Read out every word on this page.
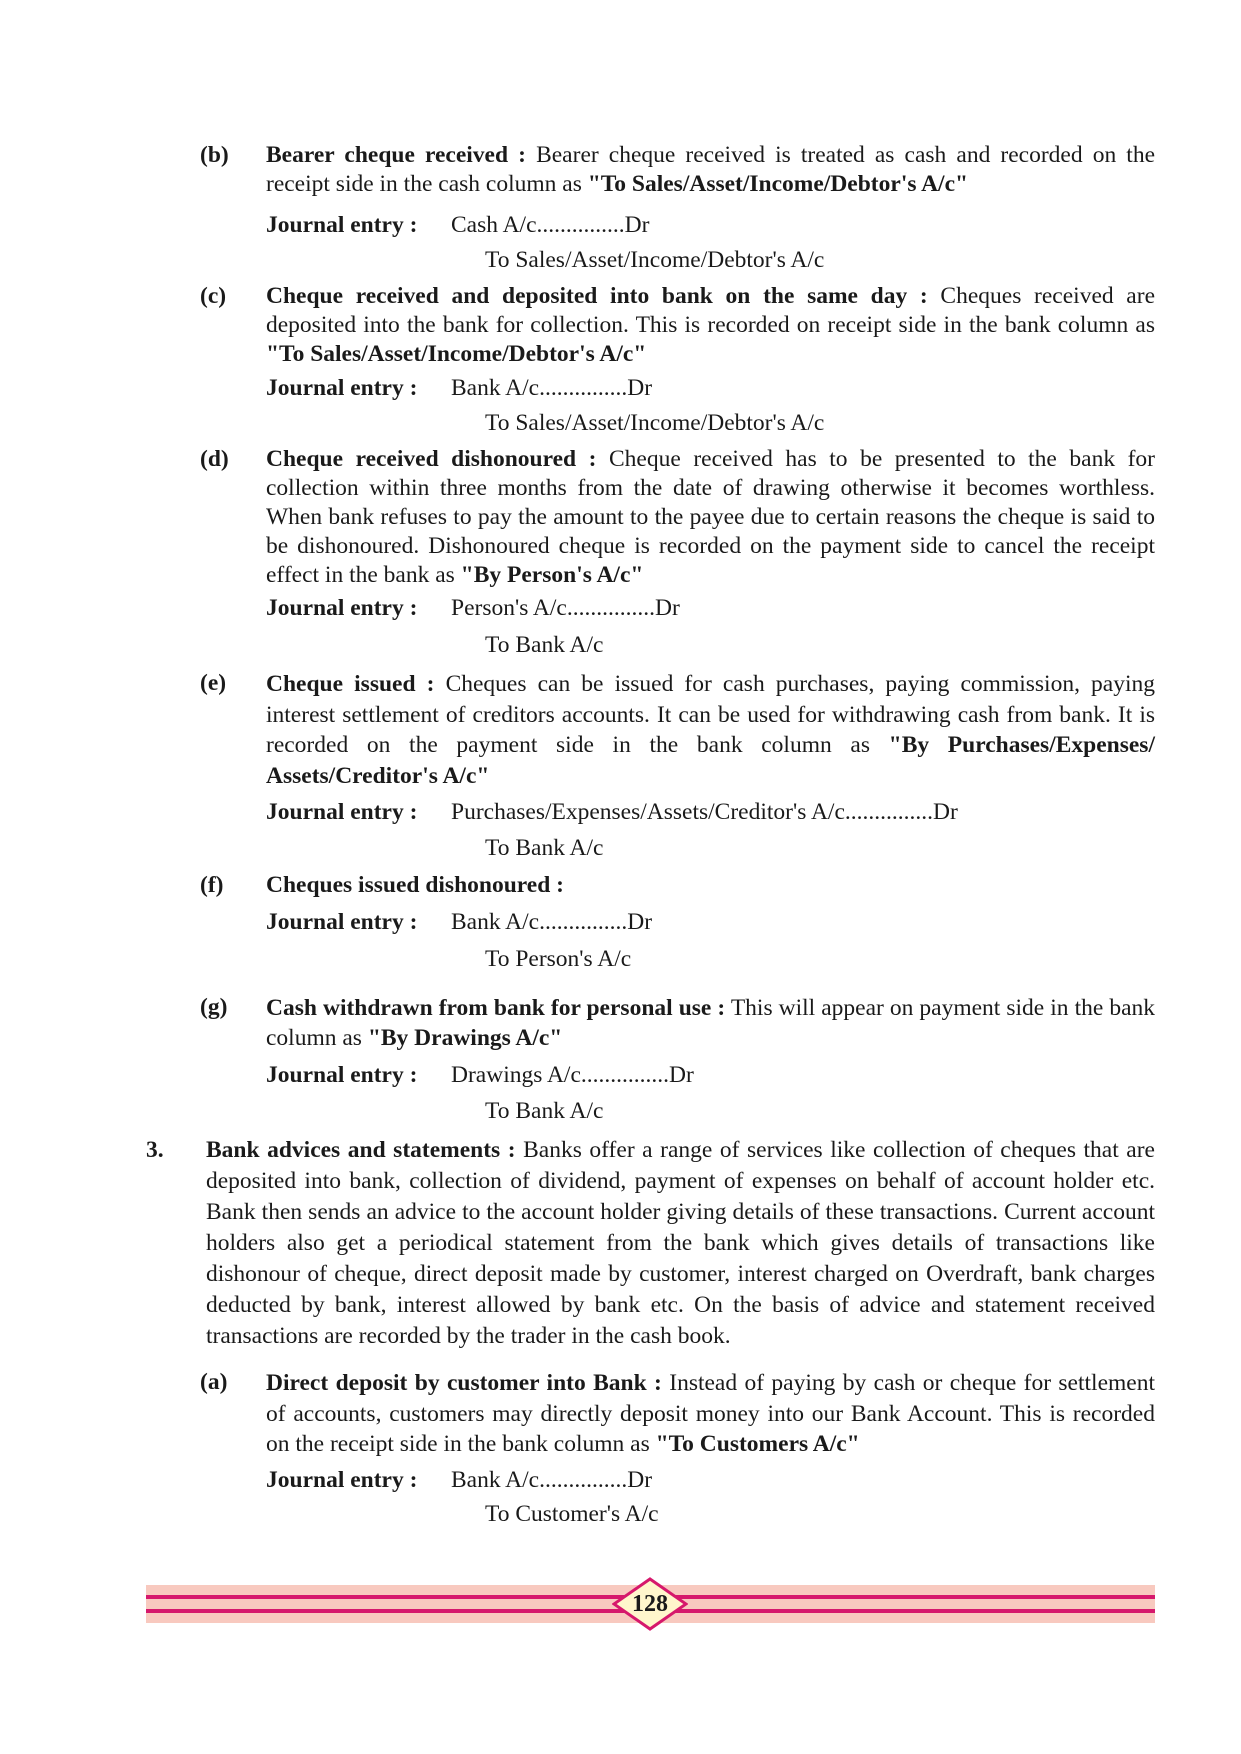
(b) Bearer cheque received : Bearer cheque received is treated as cash and recorded on the receipt side in the cash column as "To Sales/Asset/Income/Debtor's A/c"
Journal entry : Cash A/c...............Dr
To Sales/Asset/Income/Debtor's A/c
(c) Cheque received and deposited into bank on the same day : Cheques received are deposited into the bank for collection. This is recorded on receipt side in the bank column as "To Sales/Asset/Income/Debtor's A/c"
Journal entry : Bank A/c...............Dr
To Sales/Asset/Income/Debtor's A/c
(d) Cheque received dishonoured : Cheque received has to be presented to the bank for collection within three months from the date of drawing otherwise it becomes worthless. When bank refuses to pay the amount to the payee due to certain reasons the cheque is said to be dishonoured. Dishonoured cheque is recorded on the payment side to cancel the receipt effect in the bank as "By Person's A/c"
Journal entry : Person's A/c...............Dr
To Bank A/c
(e) Cheque issued : Cheques can be issued for cash purchases, paying commission, paying interest settlement of creditors accounts. It can be used for withdrawing cash from bank. It is recorded on the payment side in the bank column as "By Purchases/Expenses/ Assets/Creditor's A/c"
Journal entry : Purchases/Expenses/Assets/Creditor's A/c...............Dr
To Bank A/c
(f) Cheques issued dishonoured :
Journal entry : Bank A/c...............Dr
To Person's A/c
(g) Cash withdrawn from bank for personal use : This will appear on payment side in the bank column as "By Drawings A/c"
Journal entry : Drawings A/c...............Dr
To Bank A/c
3. Bank advices and statements : Banks offer a range of services like collection of cheques that are deposited into bank, collection of dividend, payment of expenses on behalf of account holder etc. Bank then sends an advice to the account holder giving details of these transactions. Current account holders also get a periodical statement from the bank which gives details of transactions like dishonour of cheque, direct deposit made by customer, interest charged on Overdraft, bank charges deducted by bank, interest allowed by bank etc. On the basis of advice and statement received transactions are recorded by the trader in the cash book.
(a) Direct deposit by customer into Bank : Instead of paying by cash or cheque for settlement of accounts, customers may directly deposit money into our Bank Account. This is recorded on the receipt side in the bank column as "To Customers A/c"
Journal entry : Bank A/c...............Dr
To Customer's A/c
128
